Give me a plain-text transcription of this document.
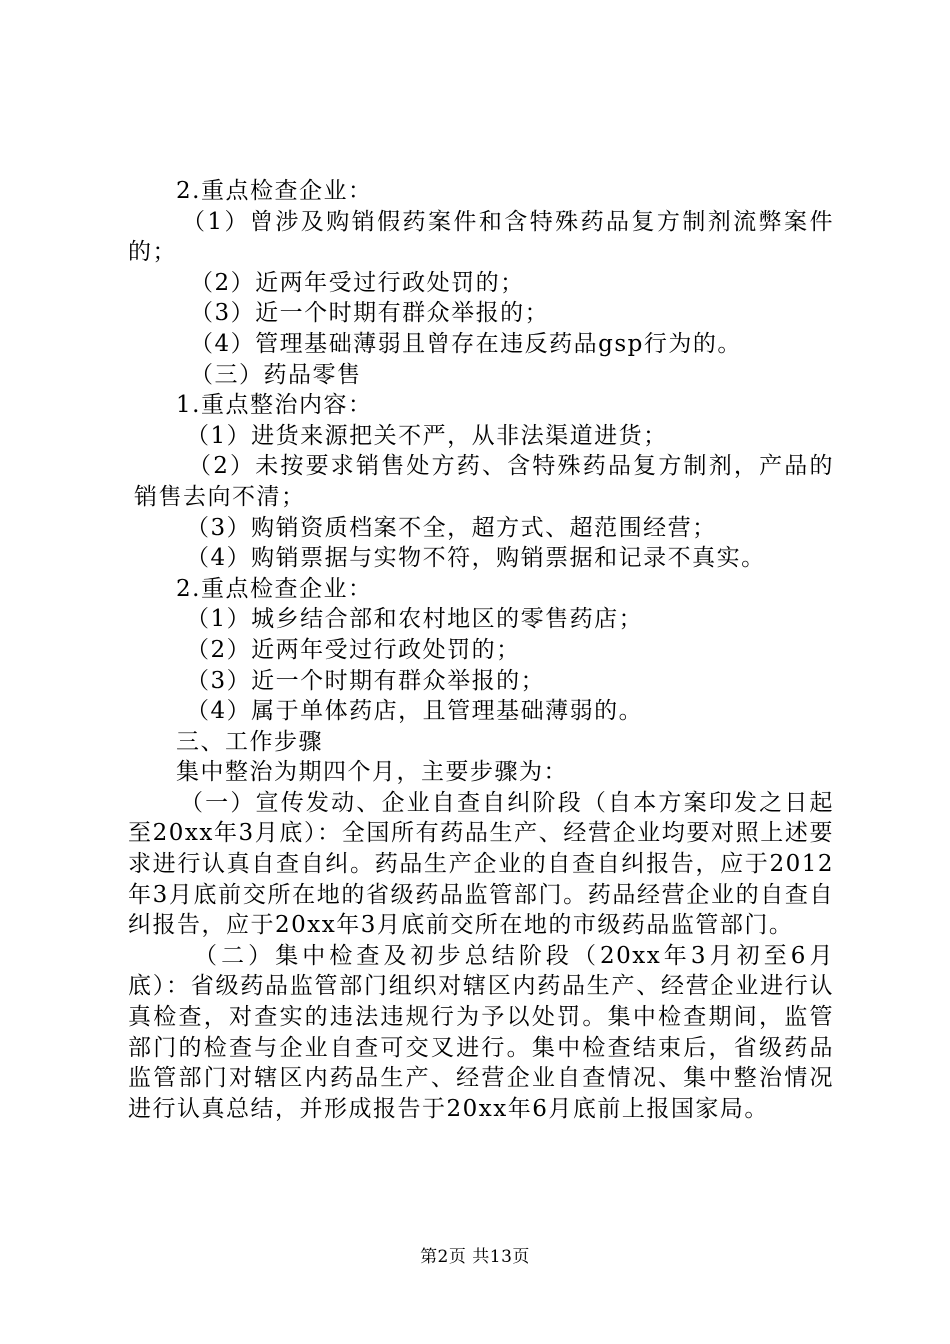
2.重点检查企业：
（1）曾涉及购销假药案件和含特殊药品复方制剂流弊案件的；
（2）近两年受过行政处罚的；
（3）近一个时期有群众举报的；
（4）管理基础薄弱且曾存在违反药品gsp行为的。
（三）药品零售
1.重点整治内容：
（1）进货来源把关不严，从非法渠道进货；
（2）未按要求销售处方药、含特殊药品复方制剂，产品的销售去向不清；
（3）购销资质档案不全，超方式、超范围经营；
（4）购销票据与实物不符，购销票据和记录不真实。
2.重点检查企业：
（1）城乡结合部和农村地区的零售药店；
（2）近两年受过行政处罚的；
（3）近一个时期有群众举报的；
（4）属于单体药店，且管理基础薄弱的。
三、工作步骤
集中整治为期四个月，主要步骤为：
（一）宣传发动、企业自查自纠阶段（自本方案印发之日起至20xx年3月底）：全国所有药品生产、经营企业均要对照上述要求进行认真自查自纠。药品生产企业的自查自纠报告，应于2012年3月底前交所在地的省级药品监管部门。药品经营企业的自查自纠报告，应于20xx年3月底前交所在地的市级药品监管部门。
（二）集中检查及初步总结阶段（20xx年3月初至6月底）：省级药品监管部门组织对辖区内药品生产、经营企业进行认真检查，对查实的违法违规行为予以处罚。集中检查期间，监管部门的检查与企业自查可交叉进行。集中检查结束后，省级药品监管部门对辖区内药品生产、经营企业自查情况、集中整治情况进行认真总结，并形成报告于20xx年6月底前上报国家局。
第2页 共13页
